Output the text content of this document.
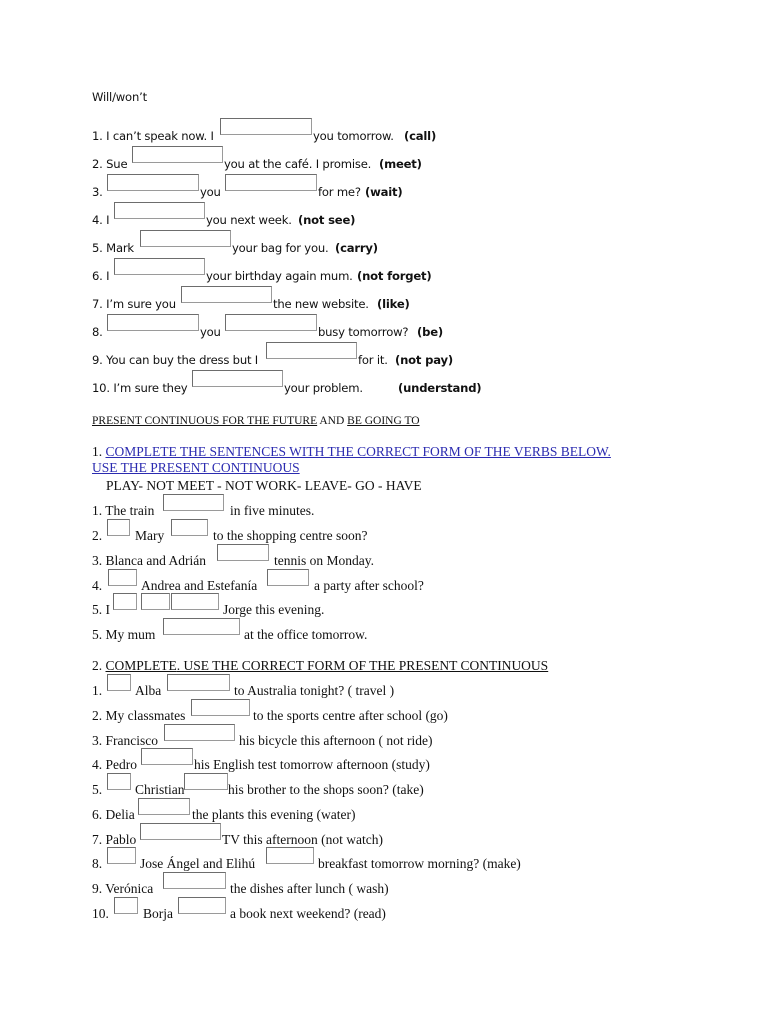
Will/won’t
1. I can’t speak now. I	you tomorrow. (call)
2. Sue	you at the café. I promise. (meet)
3.	you	for me? (wait)
4. I	you next week. (not see)
5. Mark	your bag for you. (carry)
6. I	your birthday again mum. (not forget)
7. I’m sure you	the new website. (like)
8.	you	busy tomorrow? (be)
9. You can buy the dress but I	for it. (not pay)
10. I’m sure they	your problem.	(understand)
PRESENT CONTINUOUS FOR THE FUTURE AND BE GOING TO
1. COMPLETE THE SENTENCES WITH THE CORRECT FORM OF THE VERBS BELOW.
USE THE PRESENT CONTINUOUS
PLAY- NOT MEET - NOT WORK- LEAVE- GO - HAVE
1. The train	in five minutes.
2. Mary	to the shopping centre soon?
3. Blanca and Adrián	tennis on Monday.
4.	Andrea and Estefanía	a party after school?
5. I	Jorge this evening.
5. My mum	at the office tomorrow.
2. COMPLETE. USE THE CORRECT FORM OF THE PRESENT CONTINUOUS
1. Alba	to Australia tonight? ( travel )
2. My classmates	to the sports centre after school (go)
3. Francisco	his bicycle this afternoon ( not ride)
4. Pedro	his English test tomorrow afternoon (study)
5. Christian	his brother to the shops soon? (take)
6. Delia	the plants this evening (water)
7. Pablo	TV this afternoon (not watch)
8.	Jose Ángel and Elihú	breakfast tomorrow morning? (make)
9. Verónica	the dishes after lunch ( wash)
10.	Borja	a book next weekend? (read)
